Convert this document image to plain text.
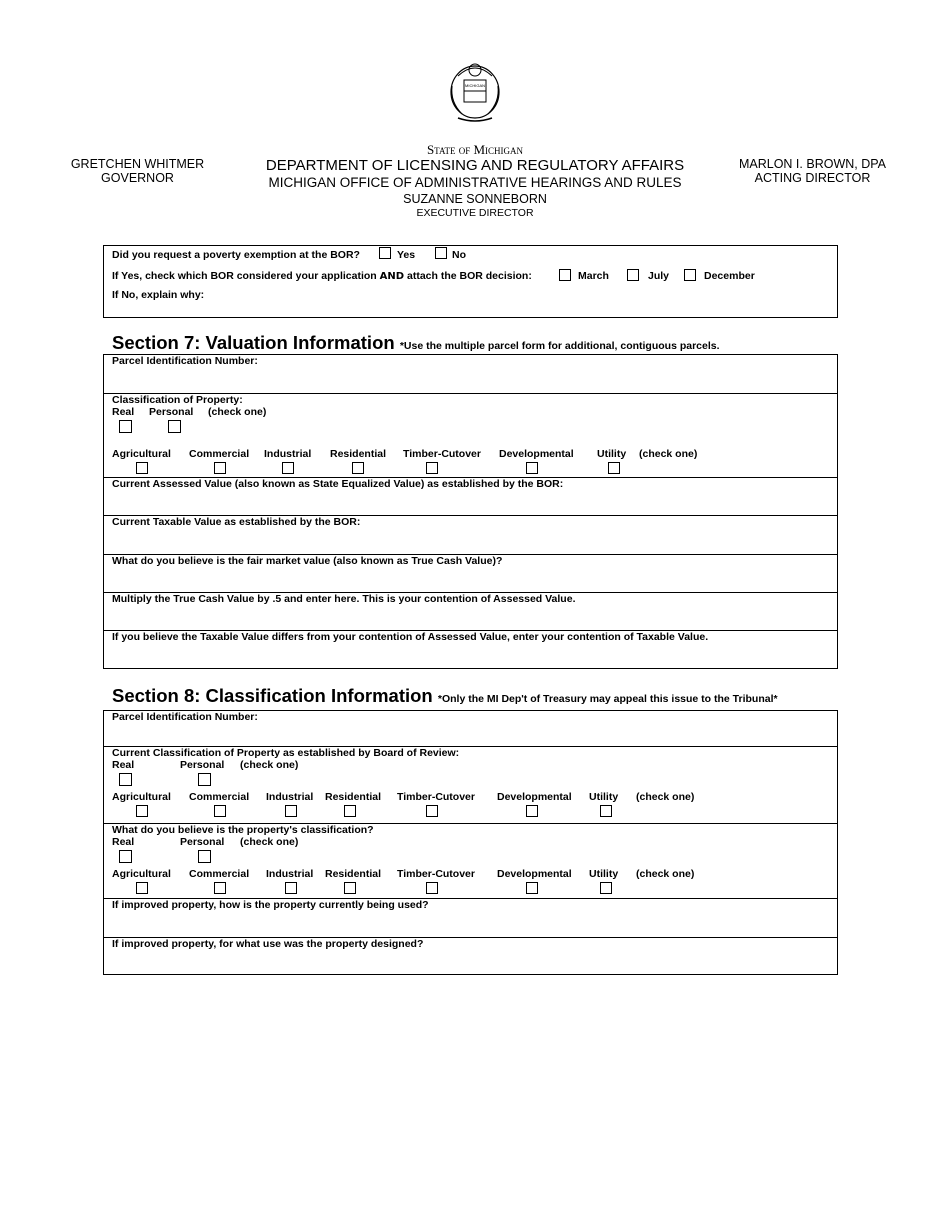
MICHIGAN
GRETCHEN WHITMER
GOVERNOR
MARLON I. BROWN, DPA
ACTING DIRECTOR
State of Michigan
DEPARTMENT OF LICENSING AND REGULATORY AFFAIRS
MICHIGAN OFFICE OF ADMINISTRATIVE HEARINGS AND RULES
SUZANNE SONNEBORN
EXECUTIVE DIRECTOR
Did you request a poverty exemption at the BOR?	Yes	No
If Yes, check which BOR considered your application AND attach the BOR decision:	March	July	December
If No, explain why:
Section 7: Valuation Information *Use the multiple parcel form for additional, contiguous parcels.
Parcel Identification Number:
Classification of Property:
Real Personal (check one)
Agricultural Commercial Industrial Residential Timber-Cutover Developmental Utility (check one)
Current Assessed Value (also known as State Equalized Value) as established by the BOR:
Current Taxable Value as established by the BOR:
What do you believe is the fair market value (also known as True Cash Value)?
Multiply the True Cash Value by .5 and enter here. This is your contention of Assessed Value.
If you believe the Taxable Value differs from your contention of Assessed Value, enter your contention of Taxable Value.
Section 8: Classification Information *Only the MI Dep't of Treasury may appeal this issue to the Tribunal*
Parcel Identification Number:
Current Classification of Property as established by Board of Review:
Real	Personal (check one)
Agricultural Commercial Industrial Residential Timber-Cutover Developmental Utility (check one)
What do you believe is the property's classification?
Real	Personal (check one)
Agricultural Commercial Industrial Residential Timber-Cutover Developmental Utility (check one)
If improved property, how is the property currently being used?
If improved property, for what use was the property designed?
